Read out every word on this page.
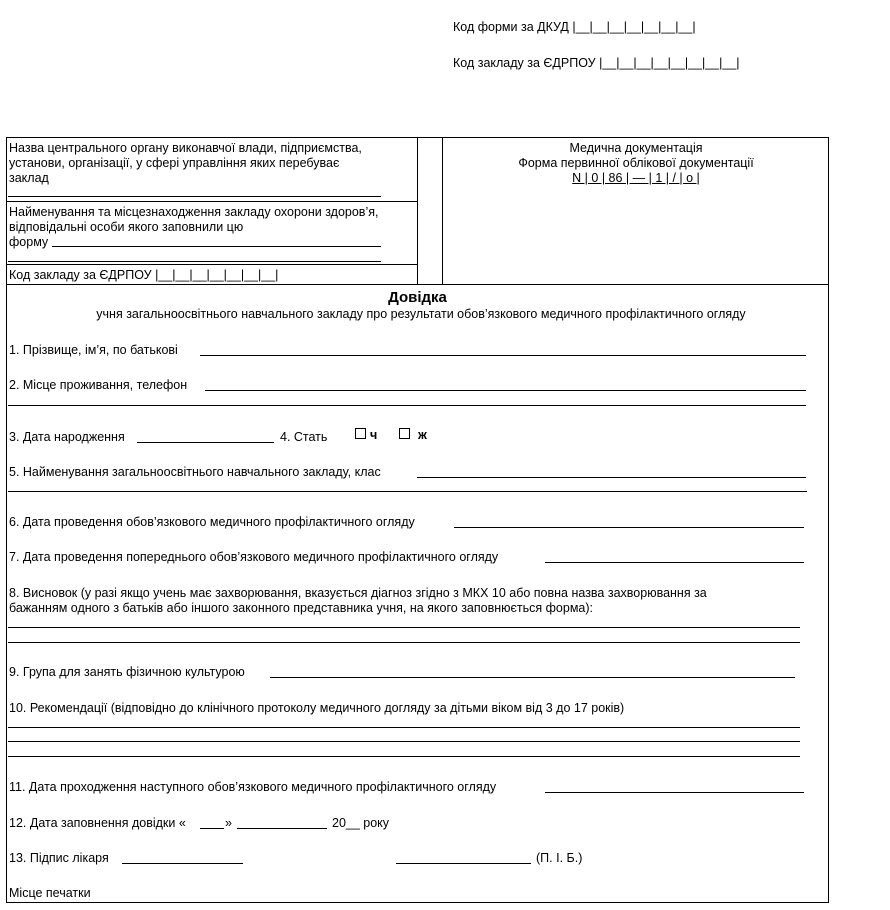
Код форми за ДКУД |__|__|__|__|__|__|__|
Код закладу за ЄДРПОУ |__|__|__|__|__|__|__|__|
Назва центрального органу виконавчої влади, підприємства,
установи, організації, у сфері управління яких перебуває
заклад
Найменування та місцезнаходження закладу охорони здоров’я,
відповідальні особи якого заповнили цю
форму
Код закладу за ЄДРПОУ |__|__|__|__|__|__|__|
Медична документація
Форма первинної облікової документації
N | 0 | 86 | — | 1 | / | о |
Довідка
учня загальноосвітнього навчального закладу про результати обов’язкового медичного профілактичного огляду
1. Прізвище, ім’я, по батькові
2. Місце проживання, телефон
3. Дата народження	4. Стать	ч	ж
5. Найменування загальноосвітнього навчального закладу, клас
6. Дата проведення обов’язкового медичного профілактичного огляду
7. Дата проведення попереднього обов’язкового медичного профілактичного огляду
8. Висновок (у разі якщо учень має захворювання, вказується діагноз згідно з МКХ 10 або повна назва захворювання за
бажанням одного з батьків або іншого законного представника учня, на якого заповнюється форма):
9. Група для занять фізичною культурою
10. Рекомендації (відповідно до клінічного протоколу медичного догляду за дітьми віком від 3 до 17 років)
11. Дата проходження наступного обов’язкового медичного профілактичного огляду
12. Дата заповнення довідки «	»	20__ року
13. Підпис лікаря	(П. І. Б.)
Місце печатки
